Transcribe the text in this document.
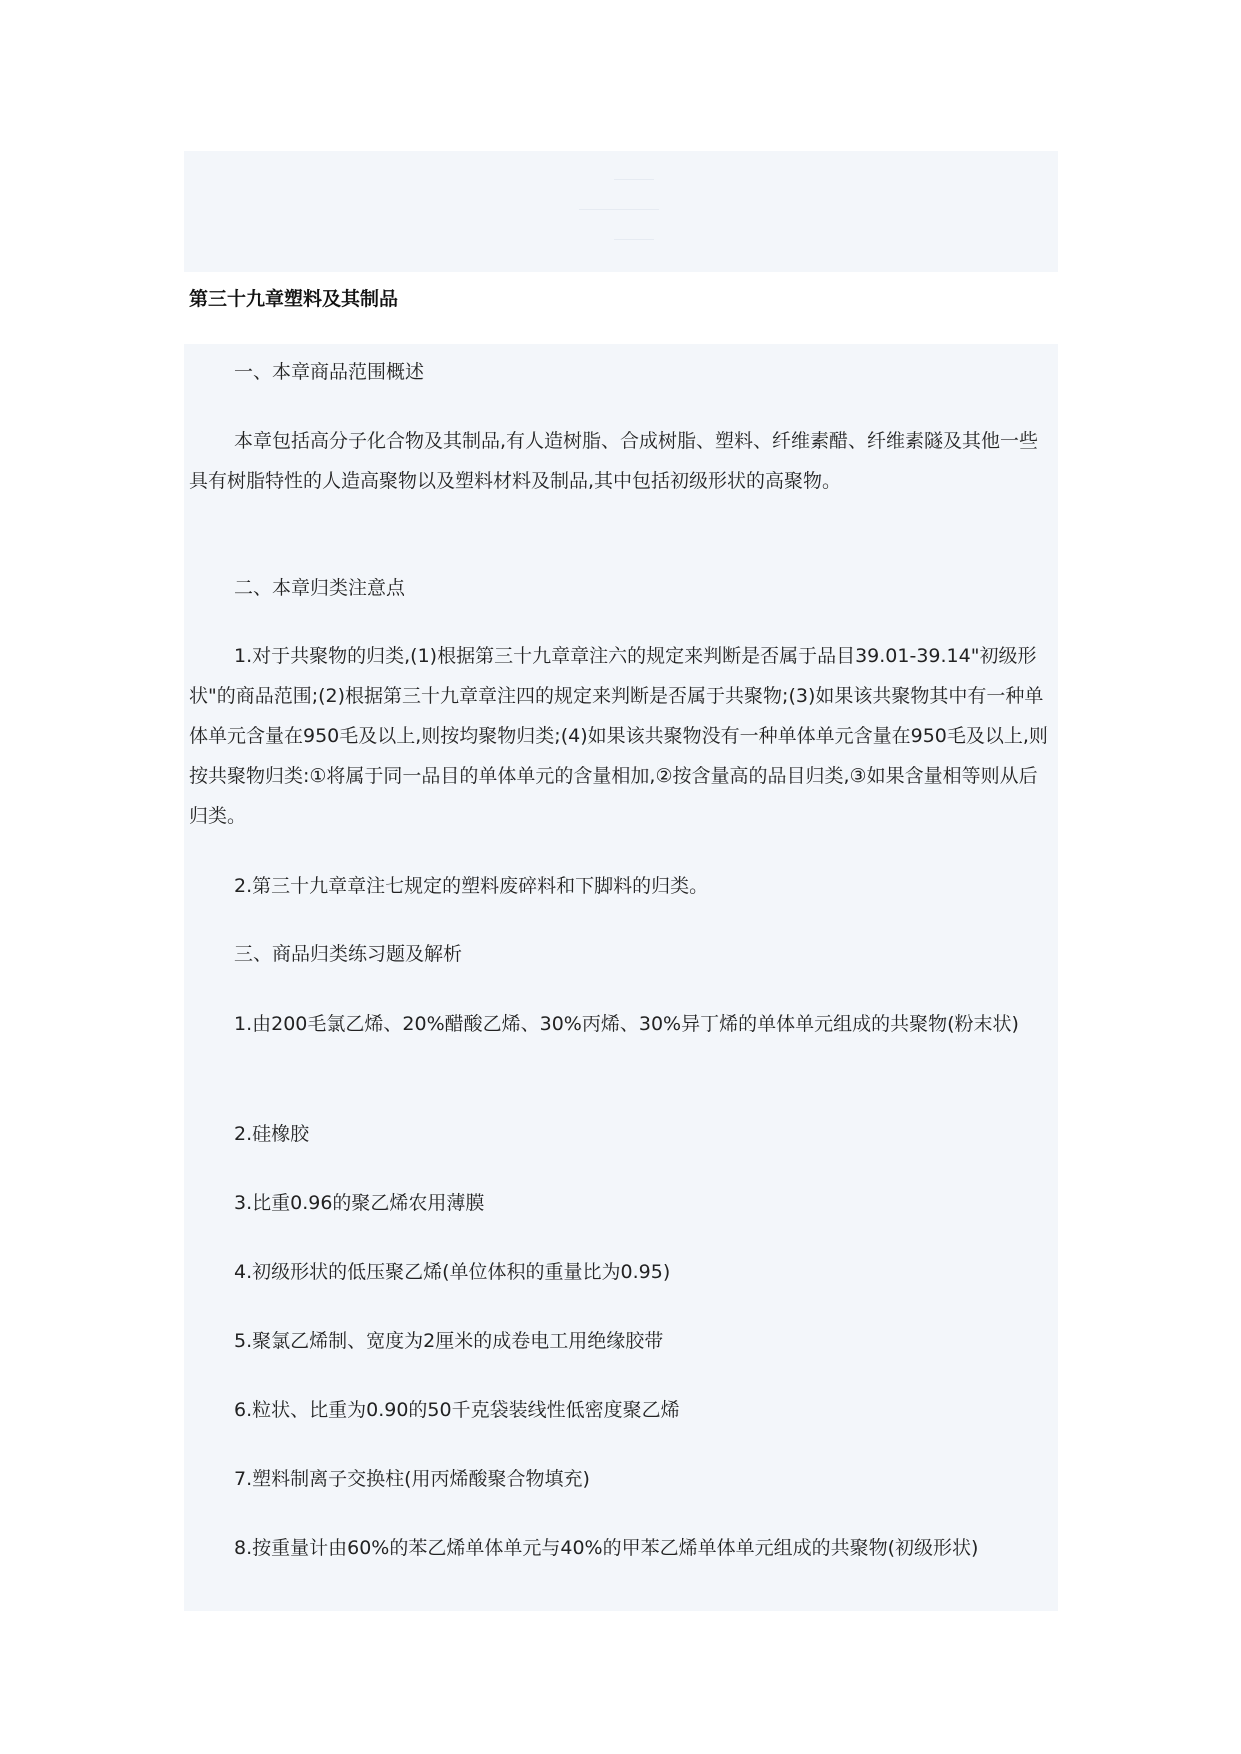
第三十九章塑料及其制品

一、本章商品范围概述

本章包括高分子化合物及其制品,有人造树脂、合成树脂、塑料、纤维素醋、纤维素隧及其他一些具有树脂特性的人造高聚物以及塑料材料及制品,其中包括初级形状的高聚物。

二、本章归类注意点

1.对于共聚物的归类,(1)根据第三十九章章注六的规定来判断是否属于品目39.01-39.14"初级形状"的商品范围;(2)根据第三十九章章注四的规定来判断是否属于共聚物;(3)如果该共聚物其中有一种单体单元含量在950毛及以上,则按均聚物归类;(4)如果该共聚物没有一种单体单元含量在950毛及以上,则按共聚物归类:①将属于同一品目的单体单元的含量相加,②按含量高的品目归类,③如果含量相等则从后归类。

2.第三十九章章注七规定的塑料废碎料和下脚料的归类。

三、商品归类练习题及解析

1.由200毛氯乙烯、20%醋酸乙烯、30%丙烯、30%异丁烯的单体单元组成的共聚物(粉末状)

2.硅橡胶

3.比重0.96的聚乙烯农用薄膜

4.初级形状的低压聚乙烯(单位体积的重量比为0.95)

5.聚氯乙烯制、宽度为2厘米的成卷电工用绝缘胶带

6.粒状、比重为0.90的50千克袋装线性低密度聚乙烯

7.塑料制离子交换柱(用丙烯酸聚合物填充)

8.按重量计由60%的苯乙烯单体单元与40%的甲苯乙烯单体单元组成的共聚物(初级形状)
